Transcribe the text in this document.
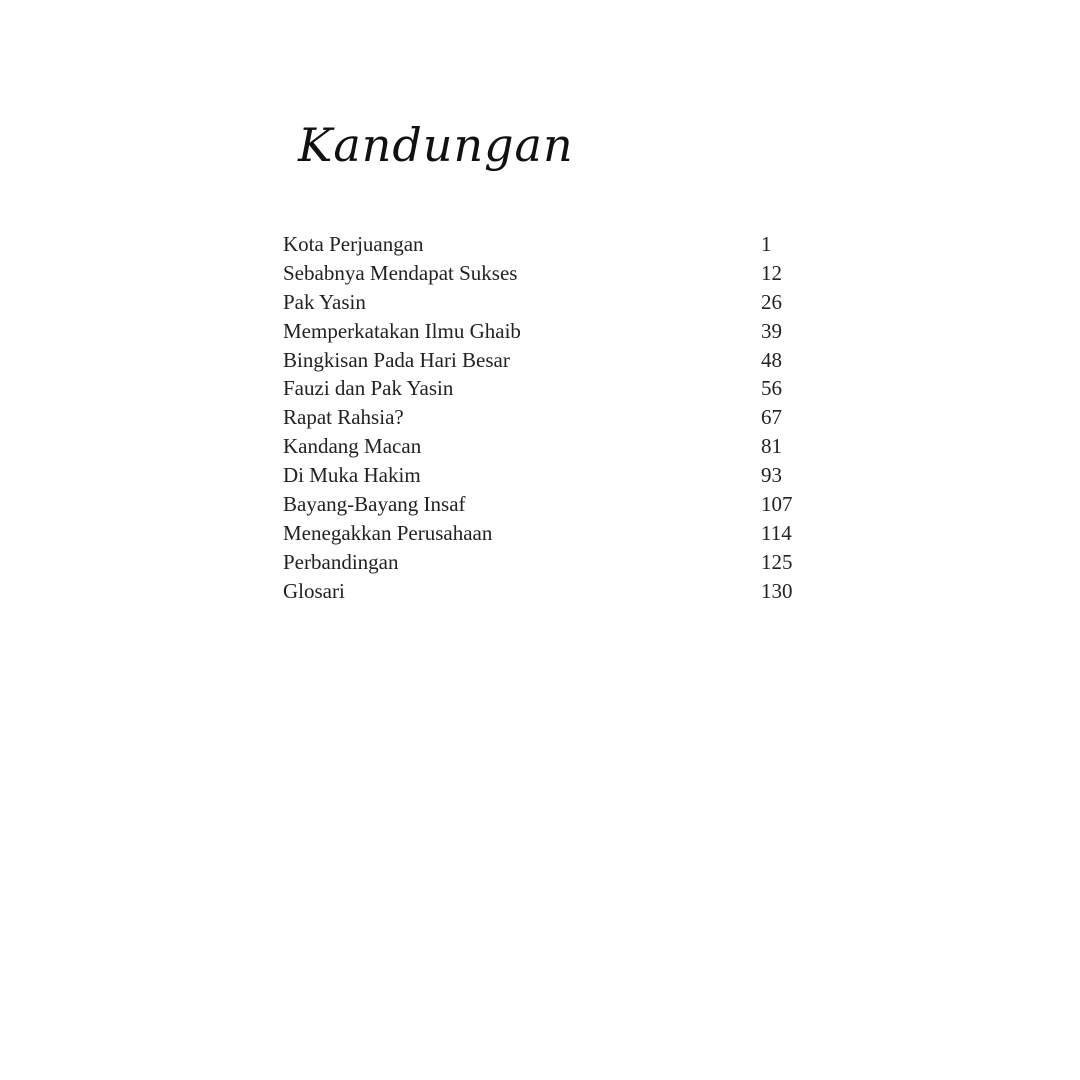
Kandungan
Kota Perjuangan	1
Sebabnya Mendapat Sukses	12
Pak Yasin	26
Memperkatakan Ilmu Ghaib	39
Bingkisan Pada Hari Besar	48
Fauzi dan Pak Yasin	56
Rapat Rahsia?	67
Kandang Macan	81
Di Muka Hakim	93
Bayang-Bayang Insaf	107
Menegakkan Perusahaan	114
Perbandingan	125
Glosari	130
